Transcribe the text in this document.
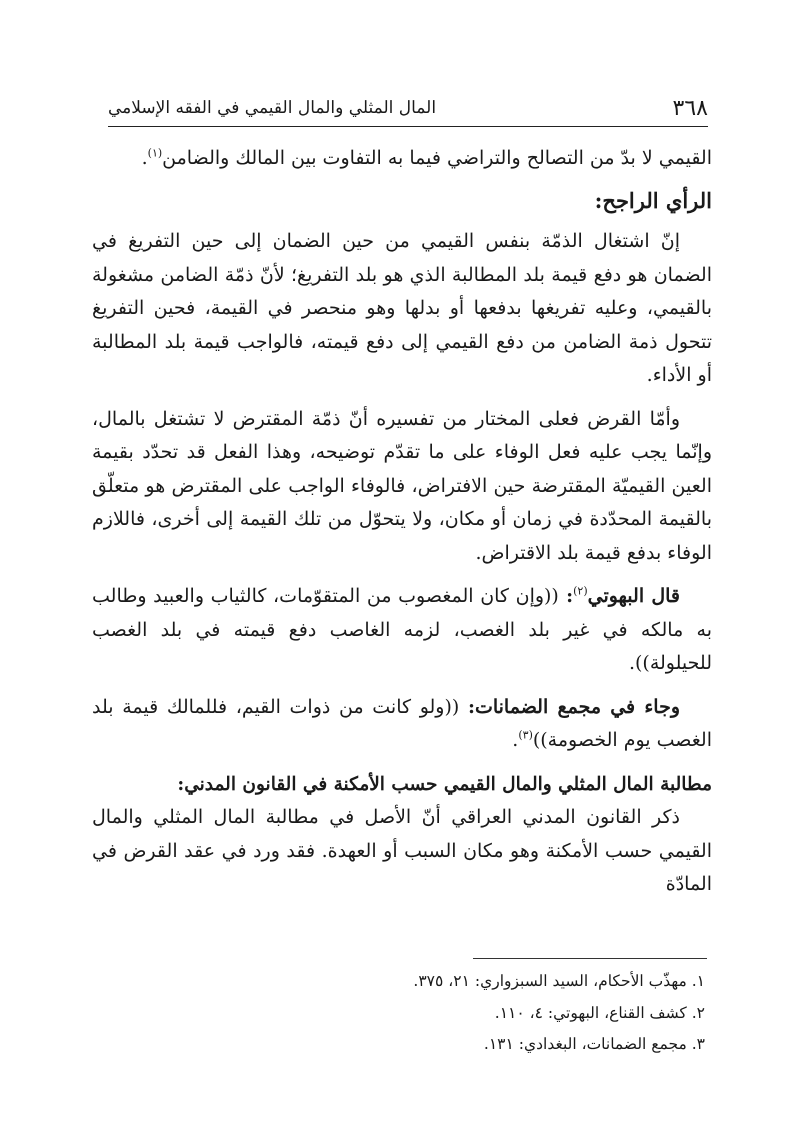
٣٦٨
المال المثلي والمال القيمي في الفقه الإسلامي

القيمي لا بدّ من التصالح والتراضي فيما به التفاوت بين المالك والضامن$^{(١)}$.

الرأي الراجح:

إنّ اشتغال الذمّة بنفس القيمي من حين الضمان إلى حين التفريغ في الضمان هو دفع قيمة بلد المطالبة الذي هو بلد التفريغ؛ لأنّ ذمّة الضامن مشغولة بالقيمي، وعليه تفريغها بدفعها أو بدلها وهو منحصر في القيمة، فحين التفريغ تتحول ذمة الضامن من دفع القيمي إلى دفع قيمته، فالواجب قيمة بلد المطالبة أو الأداء.

وأمّا القرض فعلى المختار من تفسيره أنّ ذمّة المقترض لا تشتغل بالمال، وإنّما يجب عليه فعل الوفاء على ما تقدّم توضيحه، وهذا الفعل قد تحدّد بقيمة العين القيميّة المقترضة حين الافتراض، فالوفاء الواجب على المقترض هو متعلّق بالقيمة المحدّدة في زمان أو مكان، ولا يتحوّل من تلك القيمة إلى أخرى، فاللازم الوفاء بدفع قيمة بلد الاقتراض.

قال البهوتي$^{(٢)}$: ((وإن كان المغصوب من المتقوّمات، كالثياب والعبيد وطالب به مالكه في غير بلد الغصب، لزمه الغاصب دفع قيمته في بلد الغصب للحيلولة)).

وجاء في مجمع الضمانات: ((ولو كانت من ذوات القيم، فللمالك قيمة بلد الغصب يوم الخصومة))$^{(٣)}$.

مطالبة المال المثلي والمال القيمي حسب الأمكنة في القانون المدني:

ذكر القانون المدني العراقي أنّ الأصل في مطالبة المال المثلي والمال القيمي حسب الأمكنة وهو مكان السبب أو العهدة. فقد ورد في عقد القرض في المادّة

١. مهذّب الأحكام، السيد السبزواري: ٢١، ٣٧٥.
٢. كشف القناع، البهوتي: ٤، ١١٠.
٣. مجمع الضمانات، البغدادي: ١٣١.
